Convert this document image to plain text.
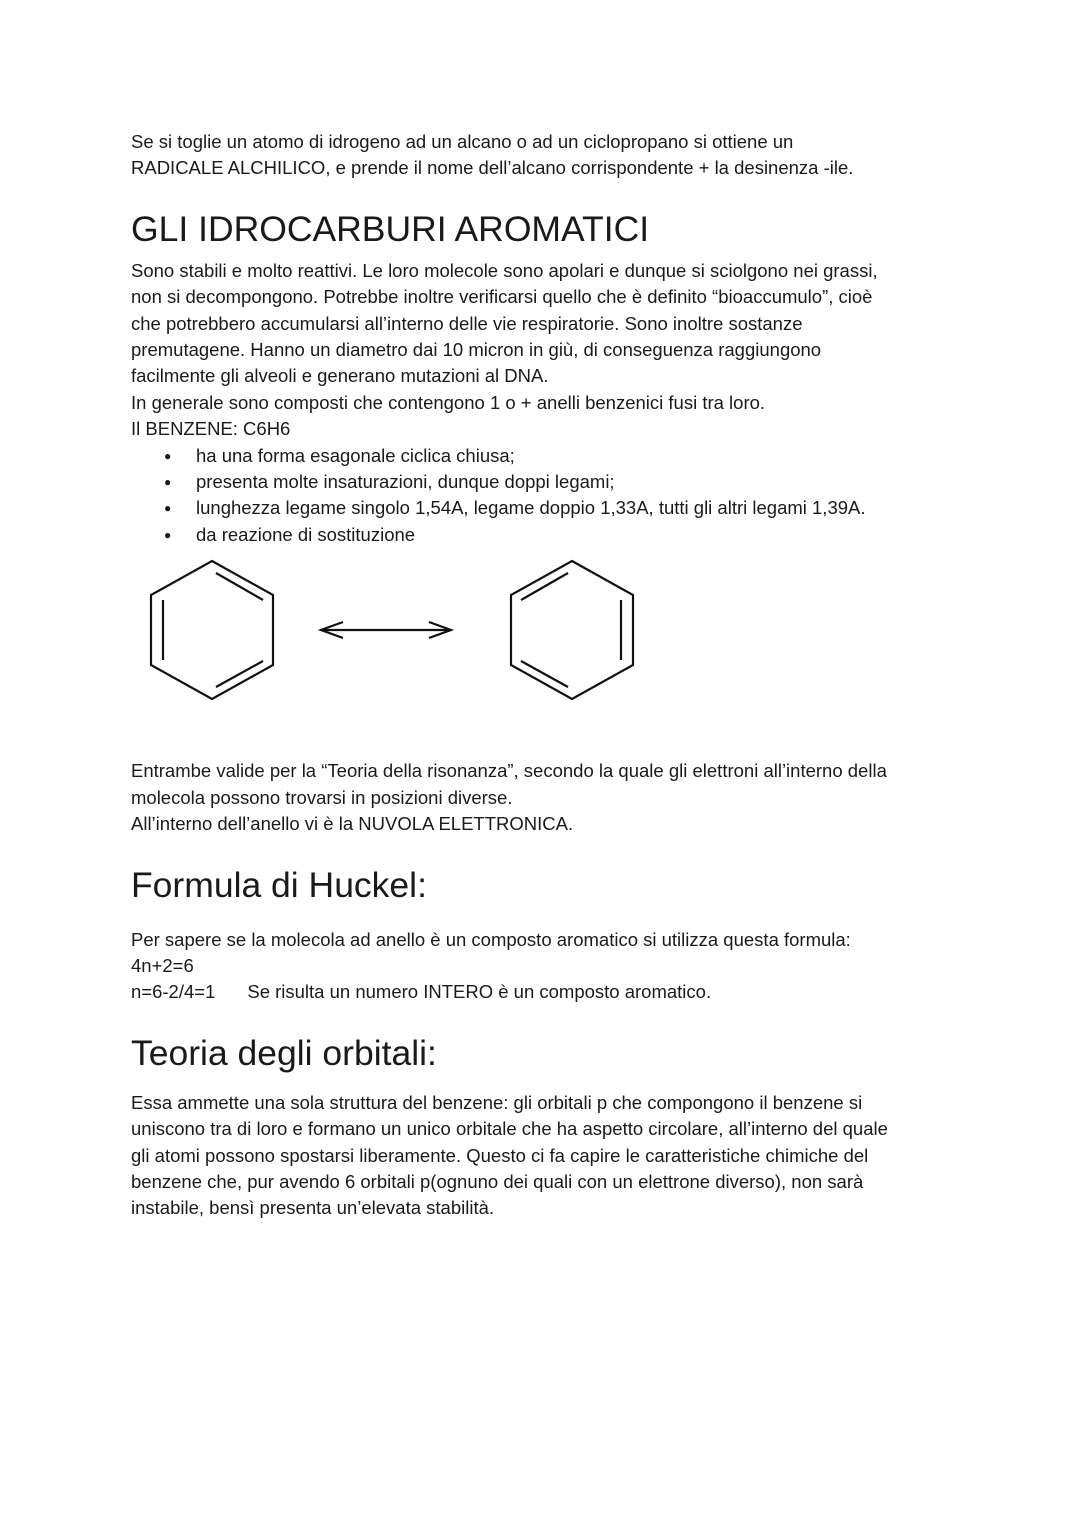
Se si toglie un atomo di idrogeno ad un alcano o ad un ciclopropano si ottiene un
RADICALE ALCHILICO, e prende il nome dell’alcano corrispondente + la desinenza -ile.

GLI IDROCARBURI AROMATICI

Sono stabili e molto reattivi. Le loro molecole sono apolari e dunque si sciolgono nei grassi,
non si decompongono. Potrebbe inoltre verificarsi quello che è definito “bioaccumulo”, cioè
che potrebbero accumularsi all’interno delle vie respiratorie. Sono inoltre sostanze
premutagene. Hanno un diametro dai 10 micron in giù, di conseguenza raggiungono
facilmente gli alveoli e generano mutazioni al DNA.
In generale sono composti che contengono 1 o + anelli benzenici fusi tra loro.
Il BENZENE: C6H6

● ha una forma esagonale ciclica chiusa;
● presenta molte insaturazioni, dunque doppi legami;
● lunghezza legame singolo 1,54A, legame doppio 1,33A, tutti gli altri legami 1,39A.
● da reazione di sostituzione

Entrambe valide per la “Teoria della risonanza”, secondo la quale gli elettroni all’interno della
molecola possono trovarsi in posizioni diverse.
All’interno dell’anello vi è la NUVOLA ELETTRONICA.

Formula di Huckel:

Per sapere se la molecola ad anello è un composto aromatico si utilizza questa formula:
4n+2=6
n=6-2/4=1 Se risulta un numero INTERO è un composto aromatico.

Teoria degli orbitali:

Essa ammette una sola struttura del benzene: gli orbitali p che compongono il benzene si
uniscono tra di loro e formano un unico orbitale che ha aspetto circolare, all’interno del quale
gli atomi possono spostarsi liberamente. Questo ci fa capire le caratteristiche chimiche del
benzene che, pur avendo 6 orbitali p(ognuno dei quali con un elettrone diverso), non sarà
instabile, bensì presenta un’elevata stabilità.
